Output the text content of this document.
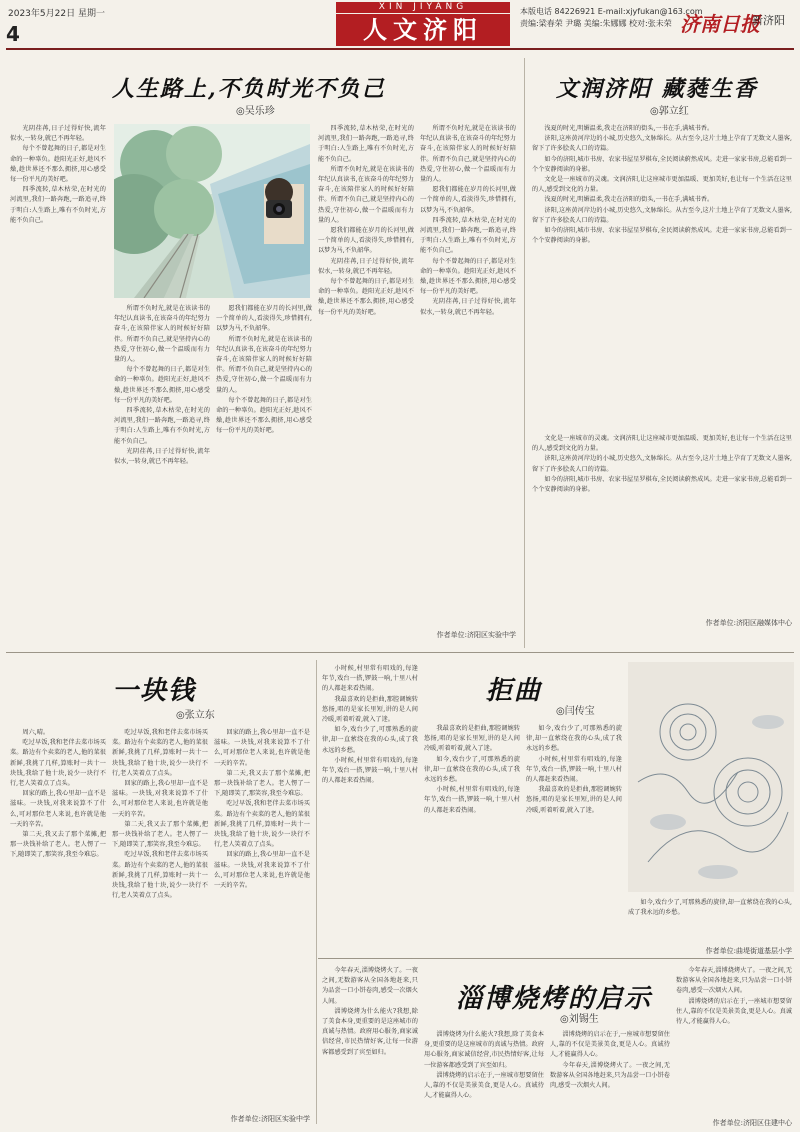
2023年5月22日 星期一
4
XIN JIYANG
人文济阳
本版电话 84226921 E-mail:xjyfukan@163.com
责编:梁春荣 尹璐 美编:朱娜娜 校对:张未荣 济南日报
新济阳
人生路上,不负时光不负己
◎吴乐珍

光阴荏苒,日子过得好快,流年似水,一转身,就已不再年轻。

每个不曾起舞的日子,都是对生命的一种辜负。趁阳光正好,趁风不燥,趁世界还不那么拥挤,用心感受每一份平凡的美好吧。

四季流转,草木枯荣,在时光的河流里,我们一路奔跑,一路追寻,终于明白:人生路上,唯有不负时光,方能不负自己。

所谓不负时光,就是在该读书的年纪认真读书,在该奋斗的年纪努力奋斗,在该陪伴家人的时候好好陪伴。所谓不负自己,就是坚持内心的热爱,守住初心,做一个温暖而有力量的人。

每个不曾起舞的日子,都是对生命的一种辜负。趁阳光正好,趁风不燥,趁世界还不那么拥挤,用心感受每一份平凡的美好吧。

四季流转,草木枯荣,在时光的河流里,我们一路奔跑,一路追寻,终于明白:人生路上,唯有不负时光,方能不负自己。

光阴荏苒,日子过得好快,流年似水,一转身,就已不再年轻。

愿我们都能在岁月的长河里,做一个简单的人,看淡得失,珍惜拥有,以梦为马,不负韶华。

所谓不负时光,就是在该读书的年纪认真读书,在该奋斗的年纪努力奋斗,在该陪伴家人的时候好好陪伴。所谓不负自己,就是坚持内心的热爱,守住初心,做一个温暖而有力量的人。

每个不曾起舞的日子,都是对生命的一种辜负。趁阳光正好,趁风不燥,趁世界还不那么拥挤,用心感受每一份平凡的美好吧。

四季流转,草木枯荣,在时光的河流里,我们一路奔跑,一路追寻,终于明白:人生路上,唯有不负时光,方能不负自己。

所谓不负时光,就是在该读书的年纪认真读书,在该奋斗的年纪努力奋斗,在该陪伴家人的时候好好陪伴。所谓不负自己,就是坚持内心的热爱,守住初心,做一个温暖而有力量的人。

愿我们都能在岁月的长河里,做一个简单的人,看淡得失,珍惜拥有,以梦为马,不负韶华。

光阴荏苒,日子过得好快,流年似水,一转身,就已不再年轻。

每个不曾起舞的日子,都是对生命的一种辜负。趁阳光正好,趁风不燥,趁世界还不那么拥挤,用心感受每一份平凡的美好吧。

所谓不负时光,就是在该读书的年纪认真读书,在该奋斗的年纪努力奋斗,在该陪伴家人的时候好好陪伴。所谓不负自己,就是坚持内心的热爱,守住初心,做一个温暖而有力量的人。

愿我们都能在岁月的长河里,做一个简单的人,看淡得失,珍惜拥有,以梦为马,不负韶华。

四季流转,草木枯荣,在时光的河流里,我们一路奔跑,一路追寻,终于明白:人生路上,唯有不负时光,方能不负自己。

每个不曾起舞的日子,都是对生命的一种辜负。趁阳光正好,趁风不燥,趁世界还不那么拥挤,用心感受每一份平凡的美好吧。

光阴荏苒,日子过得好快,流年似水,一转身,就已不再年轻。

作者单位:济阳区实验中学
文润济阳 藏蕤生香
◎郭立红

浅夏的时光,明媚温柔,我走在济阳的街头,一书在手,满城书香。

济阳,这座黄河岸边的小城,历史悠久,文脉绵长。从古至今,这片土地上孕育了无数文人墨客,留下了许多脍炙人口的诗篇。

如今的济阳,城市书房、农家书屋星罗棋布,全民阅读蔚然成风。走进一家家书房,总能看到一个个安静阅读的身影。

文化是一座城市的灵魂。文润济阳,让这座城市更加温暖、更加美好,也让每一个生活在这里的人,感受到文化的力量。

浅夏的时光,明媚温柔,我走在济阳的街头,一书在手,满城书香。

济阳,这座黄河岸边的小城,历史悠久,文脉绵长。从古至今,这片土地上孕育了无数文人墨客,留下了许多脍炙人口的诗篇。

如今的济阳,城市书房、农家书屋星罗棋布,全民阅读蔚然成风。走进一家家书房,总能看到一个个安静阅读的身影。

文化是一座城市的灵魂。文润济阳,让这座城市更加温暖、更加美好,也让每一个生活在这里的人,感受到文化的力量。

济阳,这座黄河岸边的小城,历史悠久,文脉绵长。从古至今,这片土地上孕育了无数文人墨客,留下了许多脍炙人口的诗篇。

如今的济阳,城市书房、农家书屋星罗棋布,全民阅读蔚然成风。走进一家家书房,总能看到一个个安静阅读的身影。

作者单位:济阳区融媒体中心
一块钱
◎张立东

周六,晴。

吃过早饭,我和老伴去菜市场买菜。路边有个卖菜的老人,他的菜很新鲜,我挑了几样,算账时一共十一块钱,我给了他十块,说少一块行不行,老人笑着点了点头。

回家的路上,我心里却一直不是滋味。一块钱,对我来说算不了什么,可对那位老人来说,也许就是他一天的辛苦。

第二天,我又去了那个菜摊,把那一块钱补给了老人。老人愣了一下,随即笑了,那笑容,我至今难忘。

吃过早饭,我和老伴去菜市场买菜。路边有个卖菜的老人,他的菜很新鲜,我挑了几样,算账时一共十一块钱,我给了他十块,说少一块行不行,老人笑着点了点头。

回家的路上,我心里却一直不是滋味。一块钱,对我来说算不了什么,可对那位老人来说,也许就是他一天的辛苦。

第二天,我又去了那个菜摊,把那一块钱补给了老人。老人愣了一下,随即笑了,那笑容,我至今难忘。

吃过早饭,我和老伴去菜市场买菜。路边有个卖菜的老人,他的菜很新鲜,我挑了几样,算账时一共十一块钱,我给了他十块,说少一块行不行,老人笑着点了点头。

回家的路上,我心里却一直不是滋味。一块钱,对我来说算不了什么,可对那位老人来说,也许就是他一天的辛苦。

第二天,我又去了那个菜摊,把那一块钱补给了老人。老人愣了一下,随即笑了,那笑容,我至今难忘。

吃过早饭,我和老伴去菜市场买菜。路边有个卖菜的老人,他的菜很新鲜,我挑了几样,算账时一共十一块钱,我给了他十块,说少一块行不行,老人笑着点了点头。

回家的路上,我心里却一直不是滋味。一块钱,对我来说算不了什么,可对那位老人来说,也许就是他一天的辛苦。

作者单位:济阳区实验中学
拒曲
◎闫传宝

小时候,村里常有唱戏的,每逢年节,戏台一搭,锣鼓一响,十里八村的人都赶来看热闹。

我最喜欢的是拒曲,那腔调婉转悠扬,唱的是家长里短,讲的是人间冷暖,听着听着,就入了迷。

如今,戏台少了,可那熟悉的旋律,却一直萦绕在我的心头,成了我永远的乡愁。

小时候,村里常有唱戏的,每逢年节,戏台一搭,锣鼓一响,十里八村的人都赶来看热闹。

我最喜欢的是拒曲,那腔调婉转悠扬,唱的是家长里短,讲的是人间冷暖,听着听着,就入了迷。

如今,戏台少了,可那熟悉的旋律,却一直萦绕在我的心头,成了我永远的乡愁。

小时候,村里常有唱戏的,每逢年节,戏台一搭,锣鼓一响,十里八村的人都赶来看热闹。

如今,戏台少了,可那熟悉的旋律,却一直萦绕在我的心头,成了我永远的乡愁。

小时候,村里常有唱戏的,每逢年节,戏台一搭,锣鼓一响,十里八村的人都赶来看热闹。

我最喜欢的是拒曲,那腔调婉转悠扬,唱的是家长里短,讲的是人间冷暖,听着听着,就入了迷。

如今,戏台少了,可那熟悉的旋律,却一直萦绕在我的心头,成了我永远的乡愁。

作者单位:曲堤街道基层小学
淄博烧烤的启示
◎刘锡生

今年春天,淄博烧烤火了。一夜之间,无数游客从全国各地赶来,只为品尝一口小饼卷肉,感受一次烟火人间。

淄博烧烤为什么能火?我想,除了美食本身,更重要的是这座城市的真诚与热情。政府用心服务,商家诚信经营,市民热情好客,让每一位游客都感受到了宾至如归。

淄博烧烤为什么能火?我想,除了美食本身,更重要的是这座城市的真诚与热情。政府用心服务,商家诚信经营,市民热情好客,让每一位游客都感受到了宾至如归。

淄博烧烤的启示在于,一座城市想要留住人,靠的不仅是美景美食,更是人心。真诚待人,才能赢得人心。

淄博烧烤的启示在于,一座城市想要留住人,靠的不仅是美景美食,更是人心。真诚待人,才能赢得人心。

今年春天,淄博烧烤火了。一夜之间,无数游客从全国各地赶来,只为品尝一口小饼卷肉,感受一次烟火人间。

今年春天,淄博烧烤火了。一夜之间,无数游客从全国各地赶来,只为品尝一口小饼卷肉,感受一次烟火人间。

淄博烧烤的启示在于,一座城市想要留住人,靠的不仅是美景美食,更是人心。真诚待人,才能赢得人心。

作者单位:济阳区住建中心
